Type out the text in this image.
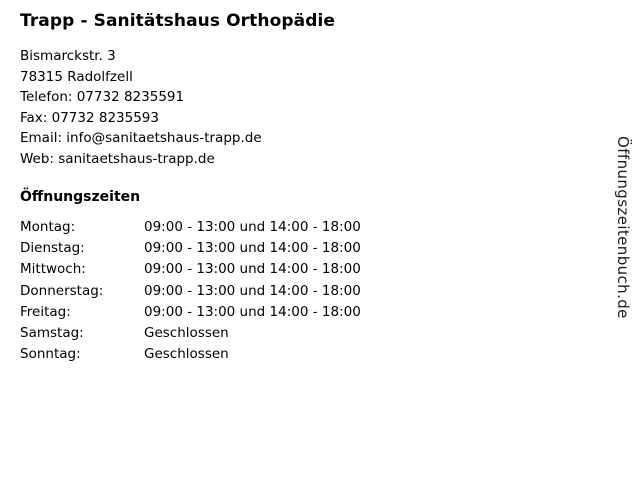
Trapp - Sanitätshaus Orthopädie
Bismarckstr. 3
78315 Radolfzell
Telefon: 07732 8235591
Fax: 07732 8235593
Email: info@sanitaetshaus-trapp.de
Web: sanitaetshaus-trapp.de
Öffnungszeiten
Montag:	09:00 - 13:00 und 14:00 - 18:00
Dienstag:	09:00 - 13:00 und 14:00 - 18:00
Mittwoch:	09:00 - 13:00 und 14:00 - 18:00
Donnerstag:	09:00 - 13:00 und 14:00 - 18:00
Freitag:	09:00 - 13:00 und 14:00 - 18:00
Samstag:	Geschlossen
Sonntag:	Geschlossen
Öffnungszeitenbuch.de
